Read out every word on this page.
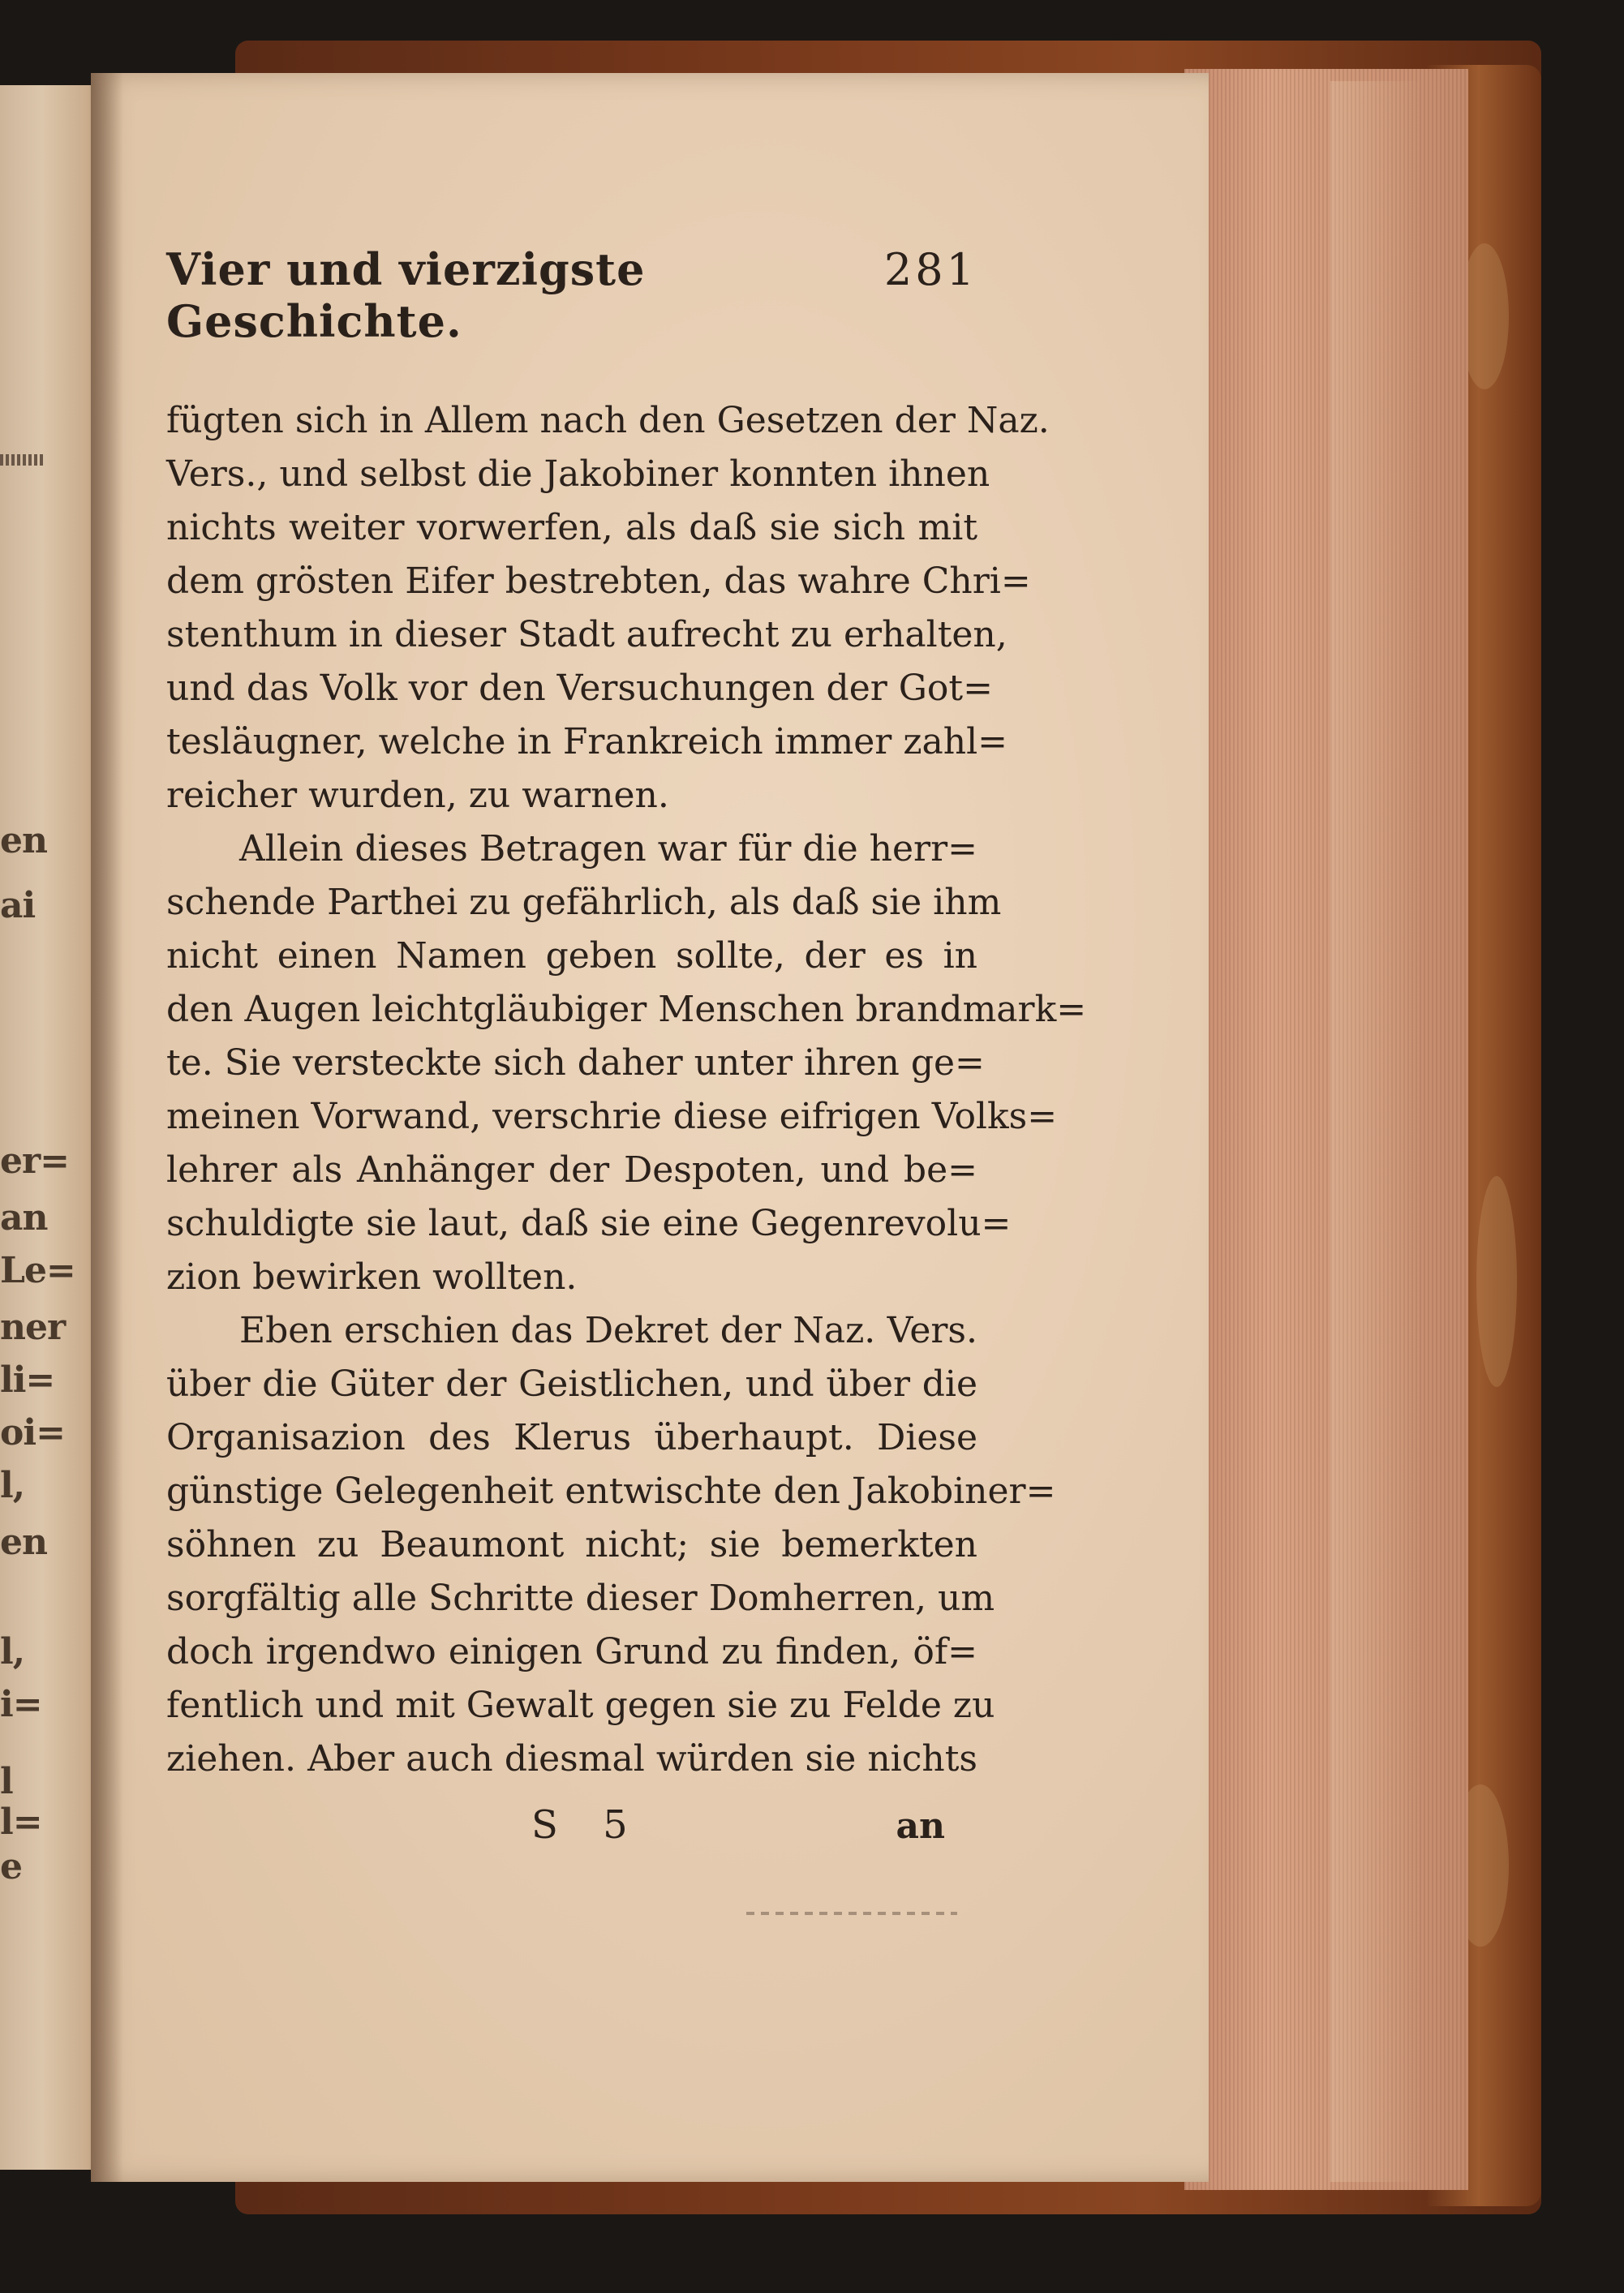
en
ai
er=
an
Le=
ner
li=
oi=
l,
en
l,
i=
l
l=
e
Vier und vierzigste Geschichte.
281
fügten sich in Allem nach den Gesetzen der Naz.
Vers., und selbst die Jakobiner konnten ihnen
nichts weiter vorwerfen, als daß sie sich mit
dem grösten Eifer bestrebten, das wahre Chri=
stenthum in dieser Stadt aufrecht zu erhalten,
und das Volk vor den Versuchungen der Got=
tesläugner, welche in Frankreich immer zahl=
reicher wurden, zu warnen.
Allein dieses Betragen war für die herr=
schende Parthei zu gefährlich, als daß sie ihm
nicht einen Namen geben sollte, der es in
den Augen leichtgläubiger Menschen brandmark=
te. Sie versteckte sich daher unter ihren ge=
meinen Vorwand, verschrie diese eifrigen Volks=
lehrer als Anhänger der Despoten, und be=
schuldigte sie laut, daß sie eine Gegenrevolu=
zion bewirken wollten.
Eben erschien das Dekret der Naz. Vers.
über die Güter der Geistlichen, und über die
Organisazion des Klerus überhaupt. Diese
günstige Gelegenheit entwischte den Jakobiner=
söhnen zu Beaumont nicht; sie bemerkten
sorgfältig alle Schritte dieser Domherren, um
doch irgendwo einigen Grund zu finden, öf=
fentlich und mit Gewalt gegen sie zu Felde zu
ziehen. Aber auch diesmal würden sie nichts
S 5	an
